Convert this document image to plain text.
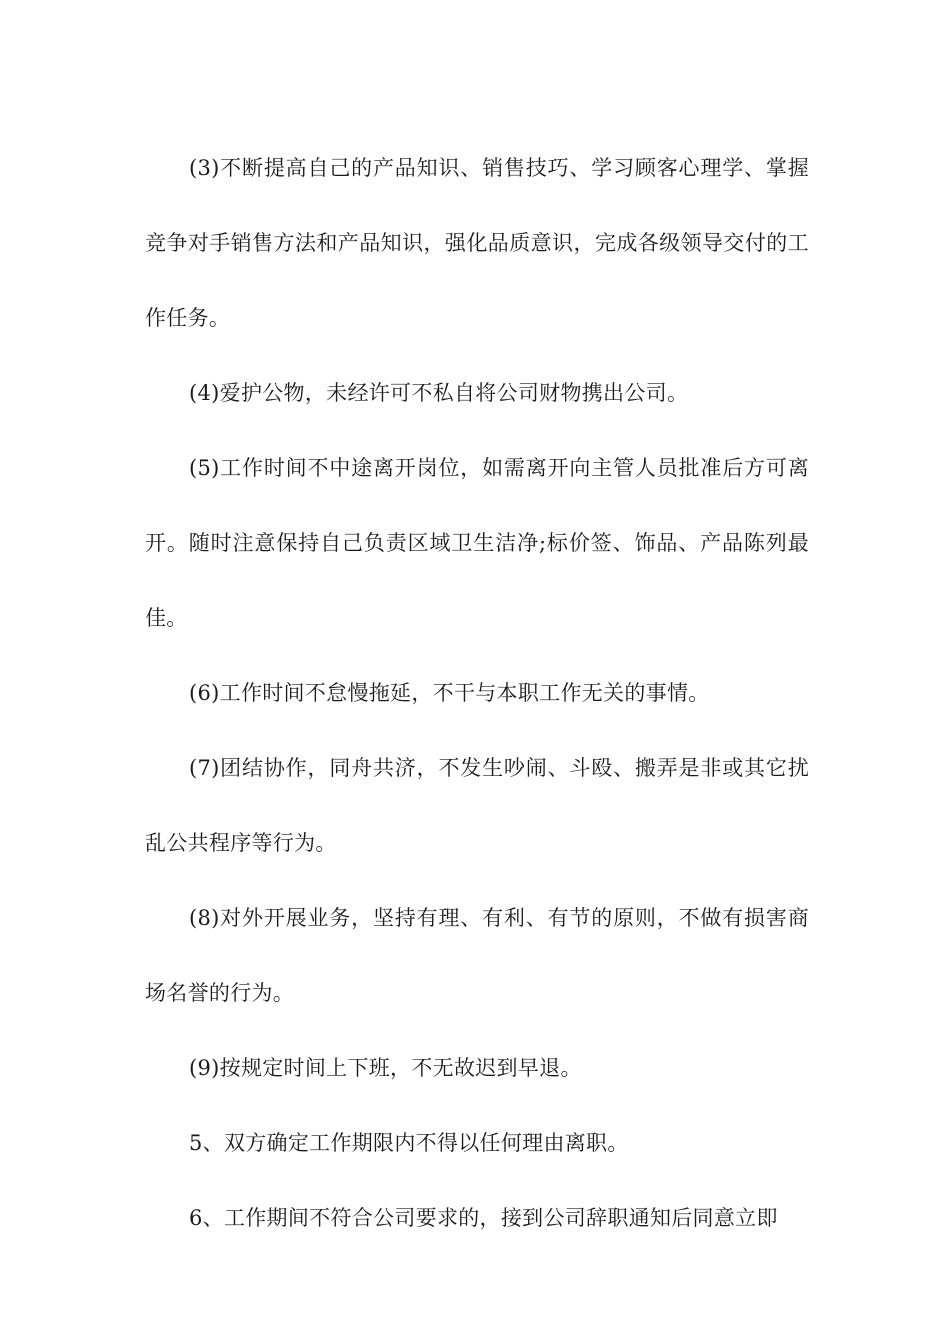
(3)不断提高自己的产品知识、销售技巧、学习顾客心理学、掌握竞争对手销售方法和产品知识，强化品质意识，完成各级领导交付的工作任务。

(4)爱护公物，未经许可不私自将公司财物携出公司。

(5)工作时间不中途离开岗位，如需离开向主管人员批准后方可离开。随时注意保持自己负责区域卫生洁净;标价签、饰品、产品陈列最佳。

(6)工作时间不怠慢拖延，不干与本职工作无关的事情。

(7)团结协作，同舟共济，不发生吵闹、斗殴、搬弄是非或其它扰乱公共程序等行为。

(8)对外开展业务，坚持有理、有利、有节的原则，不做有损害商场名誉的行为。

(9)按规定时间上下班，不无故迟到早退。

5、双方确定工作期限内不得以任何理由离职。

6、工作期间不符合公司要求的，接到公司辞职通知后同意立即
